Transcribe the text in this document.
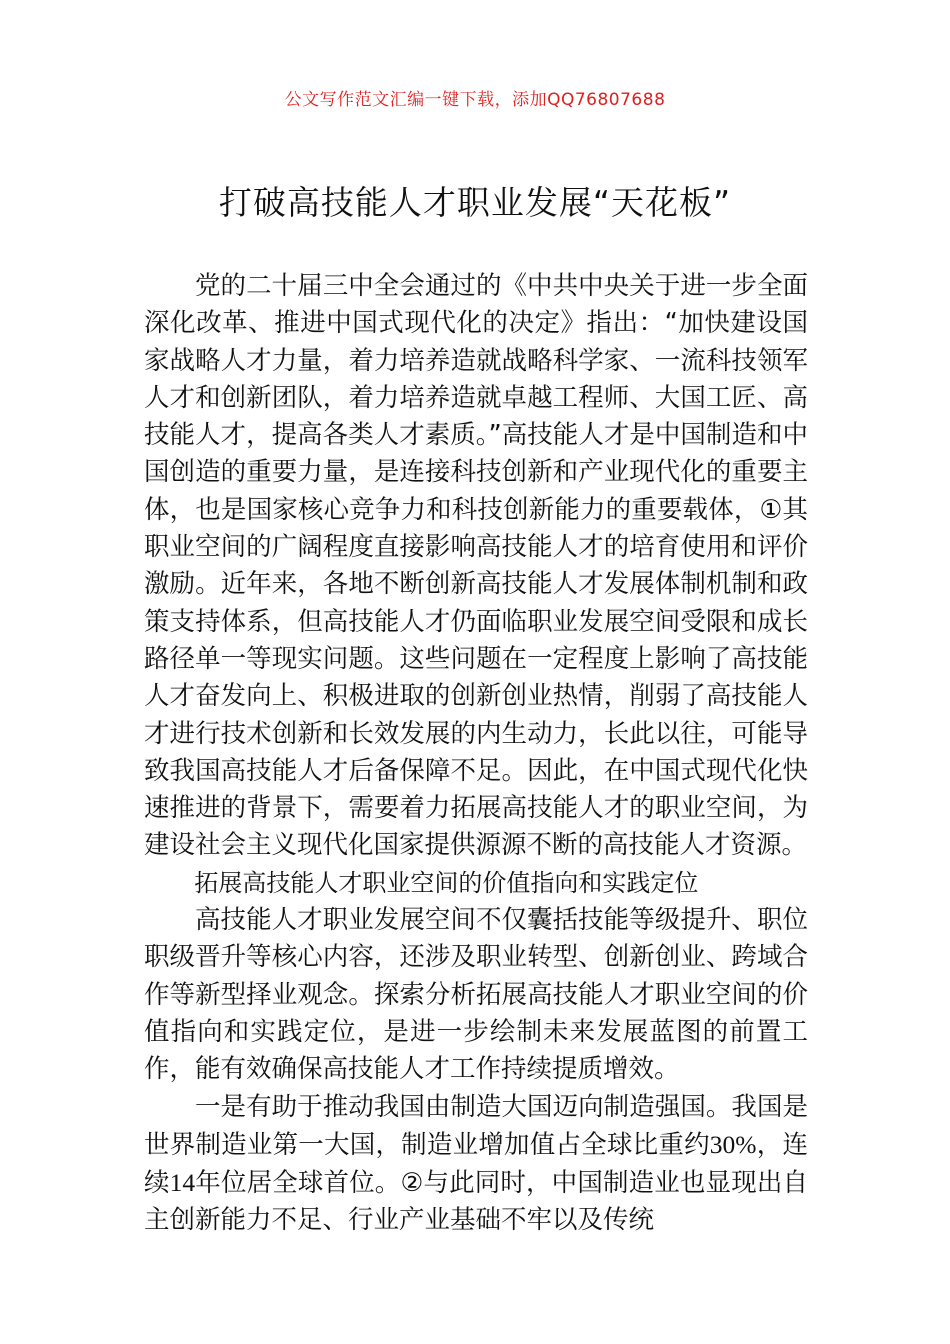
公文写作范文汇编一键下载，添加QQ76807688
打破高技能人才职业发展“天花板”

党的二十届三中全会通过的《中共中央关于进一步全面深化改革、推进中国式现代化的决定》指出：“加快建设国家战略人才力量，着力培养造就战略科学家、一流科技领军人才和创新团队，着力培养造就卓越工程师、大国工匠、高技能人才，提高各类人才素质。”高技能人才是中国制造和中国创造的重要力量，是连接科技创新和产业现代化的重要主体，也是国家核心竞争力和科技创新能力的重要载体，①其职业空间的广阔程度直接影响高技能人才的培育使用和评价激励。近年来，各地不断创新高技能人才发展体制机制和政策支持体系，但高技能人才仍面临职业发展空间受限和成长路径单一等现实问题。这些问题在一定程度上影响了高技能人才奋发向上、积极进取的创新创业热情，削弱了高技能人才进行技术创新和长效发展的内生动力，长此以往，可能导致我国高技能人才后备保障不足。因此，在中国式现代化快速推进的背景下，需要着力拓展高技能人才的职业空间，为建设社会主义现代化国家提供源源不断的高技能人才资源。

拓展高技能人才职业空间的价值指向和实践定位

高技能人才职业发展空间不仅囊括技能等级提升、职位职级晋升等核心内容，还涉及职业转型、创新创业、跨域合作等新型择业观念。探索分析拓展高技能人才职业空间的价值指向和实践定位，是进一步绘制未来发展蓝图的前置工作，能有效确保高技能人才工作持续提质增效。

一是有助于推动我国由制造大国迈向制造强国。我国是世界制造业第一大国，制造业增加值占全球比重约30%，连续14年位居全球首位。②与此同时，中国制造业也显现出自主创新能力不足、行业产业基础不牢以及传统
